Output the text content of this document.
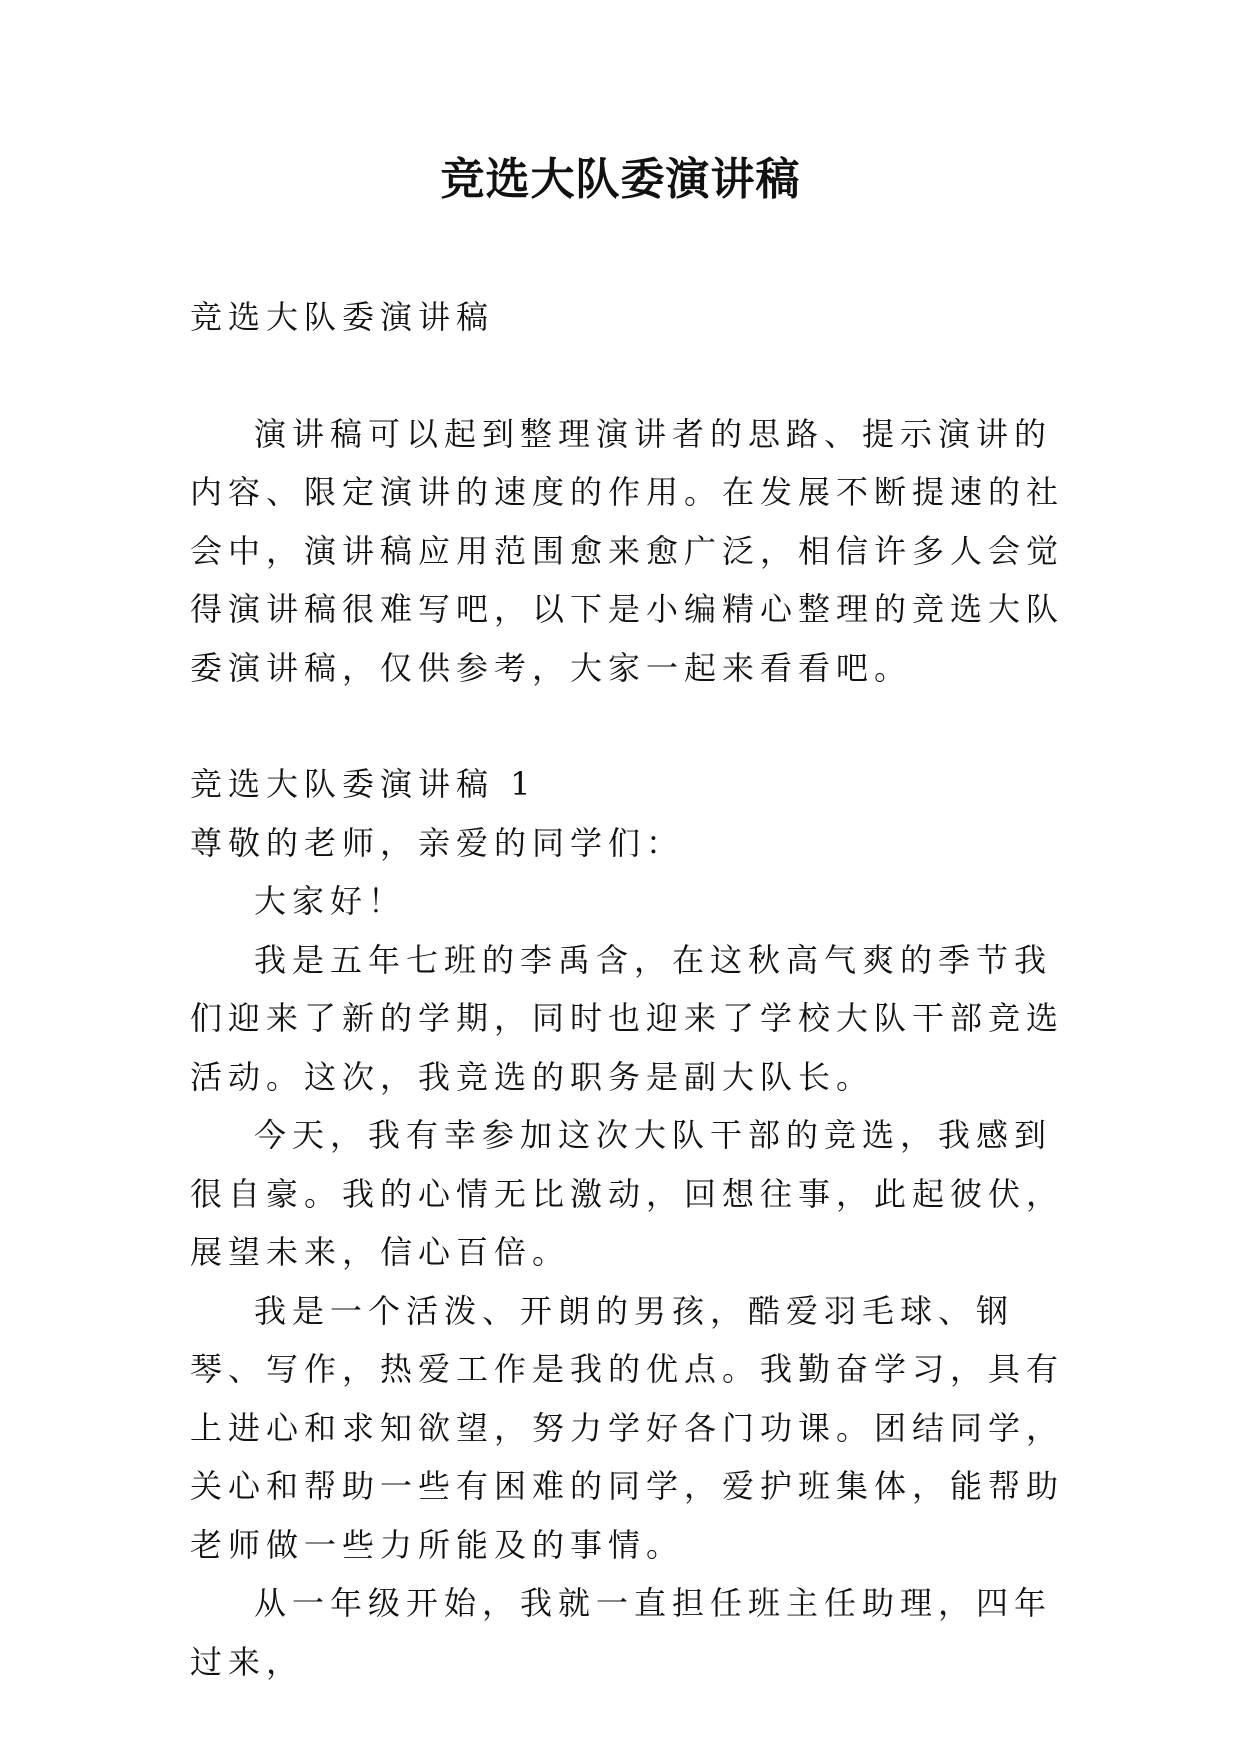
竞选大队委演讲稿

竞选大队委演讲稿

演讲稿可以起到整理演讲者的思路、提示演讲的内容、限定演讲的速度的作用。在发展不断提速的社会中，演讲稿应用范围愈来愈广泛，相信许多人会觉得演讲稿很难写吧，以下是小编精心整理的竞选大队委演讲稿，仅供参考，大家一起来看看吧。

竞选大队委演讲稿 1

尊敬的老师，亲爱的同学们：

大家好！

我是五年七班的李禹含，在这秋高气爽的季节我们迎来了新的学期，同时也迎来了学校大队干部竞选活动。这次，我竞选的职务是副大队长。

今天，我有幸参加这次大队干部的竞选，我感到很自豪。我的心情无比激动，回想往事，此起彼伏，展望未来，信心百倍。

我是一个活泼、开朗的男孩，酷爱羽毛球、钢琴、写作，热爱工作是我的优点。我勤奋学习，具有上进心和求知欲望，努力学好各门功课。团结同学，关心和帮助一些有困难的同学，爱护班集体，能帮助老师做一些力所能及的事情。

从一年级开始，我就一直担任班主任助理，四年过来，
